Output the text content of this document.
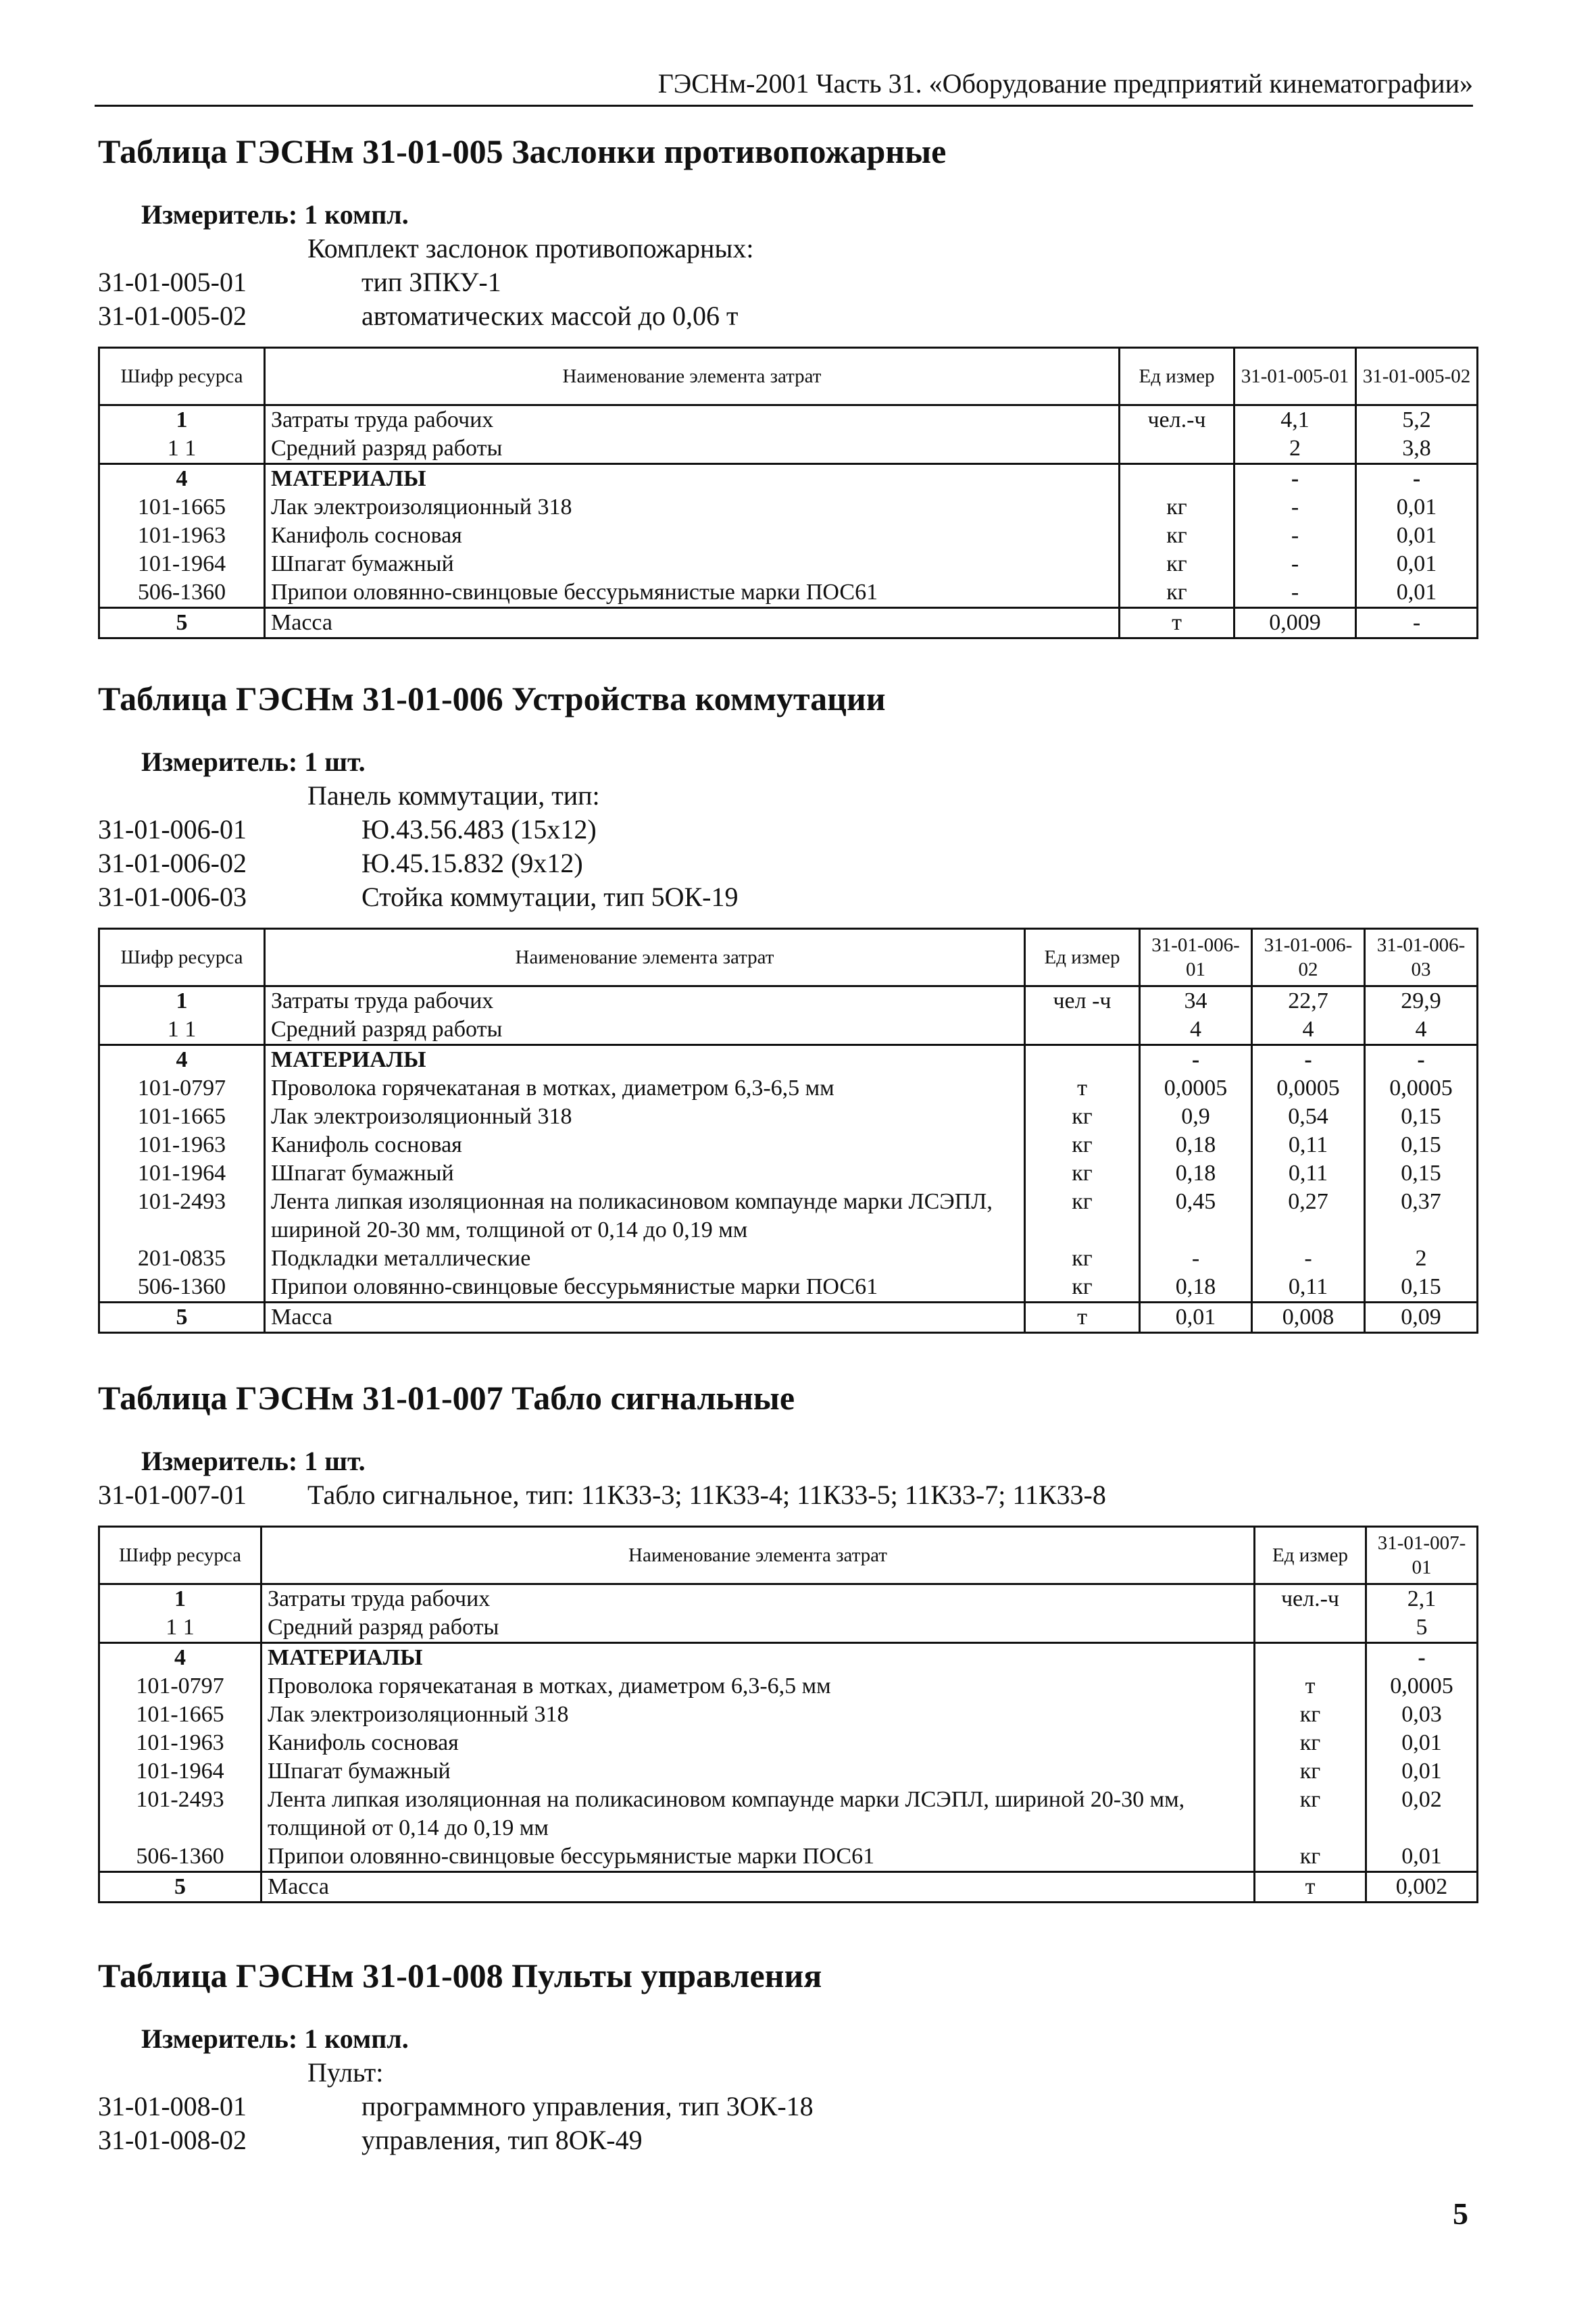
ГЭСНм-2001 Часть 31. «Оборудование предприятий кинематографии»
Таблица ГЭСНм 31-01-005 Заслонки противопожарные
Измеритель: 1 компл.
Комплект заслонок противопожарных:
31-01-005-01	тип ЗПКУ-1
31-01-005-02	автоматических массой до 0,06 т
Шифр ресурса	Наименование элемента затрат	Ед измер	31-01-005-01	31-01-005-02
1	Затраты труда рабочих	чел.-ч	4,1	5,2
1 1	Средний разряд работы		2	3,8
4	МАТЕРИАЛЫ		-	-
101-1665	Лак электроизоляционный 318	кг	-	0,01
101-1963	Канифоль сосновая	кг	-	0,01
101-1964	Шпагат бумажный	кг	-	0,01
506-1360	Припои оловянно-свинцовые бессурьмянистые марки ПОС61	кг	-	0,01
5	Масса	т	0,009	-
Таблица ГЭСНм 31-01-006 Устройства коммутации
Измеритель: 1 шт.
Панель коммутации, тип:
31-01-006-01	Ю.43.56.483 (15x12)
31-01-006-02	Ю.45.15.832 (9x12)
31-01-006-03	Стойка коммутации, тип 5ОК-19
Шифр ресурса	Наименование элемента затрат	Ед измер	31-01-006-01	31-01-006-02	31-01-006-03
1	Затраты труда рабочих	чел -ч	34	22,7	29,9
1 1	Средний разряд работы		4	4	4
4	МАТЕРИАЛЫ		-	-	-
101-0797	Проволока горячекатаная в мотках, диаметром 6,3-6,5 мм	т	0,0005	0,0005	0,0005
101-1665	Лак электроизоляционный 318	кг	0,9	0,54	0,15
101-1963	Канифоль сосновая	кг	0,18	0,11	0,15
101-1964	Шпагат бумажный	кг	0,18	0,11	0,15
101-2493	Лента липкая изоляционная на поликасиновом компаунде марки ЛСЭПЛ, шириной 20-30 мм, толщиной от 0,14 до 0,19 мм	кг	0,45	0,27	0,37
201-0835	Подкладки металлические	кг	-	-	2
506-1360	Припои оловянно-свинцовые бессурьмянистые марки ПОС61	кг	0,18	0,11	0,15
5	Масса	т	0,01	0,008	0,09
Таблица ГЭСНм 31-01-007 Табло сигнальные
Измеритель: 1 шт.
31-01-007-01	Табло сигнальное, тип: 11К33-3; 11К33-4; 11К33-5; 11К33-7; 11К33-8
Шифр ресурса	Наименование элемента затрат	Ед измер	31-01-007-01
1	Затраты труда рабочих	чел.-ч	2,1
1 1	Средний разряд работы		5
4	МАТЕРИАЛЫ		-
101-0797	Проволока горячекатаная в мотках, диаметром 6,3-6,5 мм	т	0,0005
101-1665	Лак электроизоляционный 318	кг	0,03
101-1963	Канифоль сосновая	кг	0,01
101-1964	Шпагат бумажный	кг	0,01
101-2493	Лента липкая изоляционная на поликасиновом компаунде марки ЛСЭПЛ, шириной 20-30 мм, толщиной от 0,14 до 0,19 мм	кг	0,02
506-1360	Припои оловянно-свинцовые бессурьмянистые марки ПОС61	кг	0,01
5	Масса	т	0,002
Таблица ГЭСНм 31-01-008 Пульты управления
Измеритель: 1 компл.
Пульт:
31-01-008-01	программного управления, тип 3ОК-18
31-01-008-02	управления, тип 8ОК-49
5
